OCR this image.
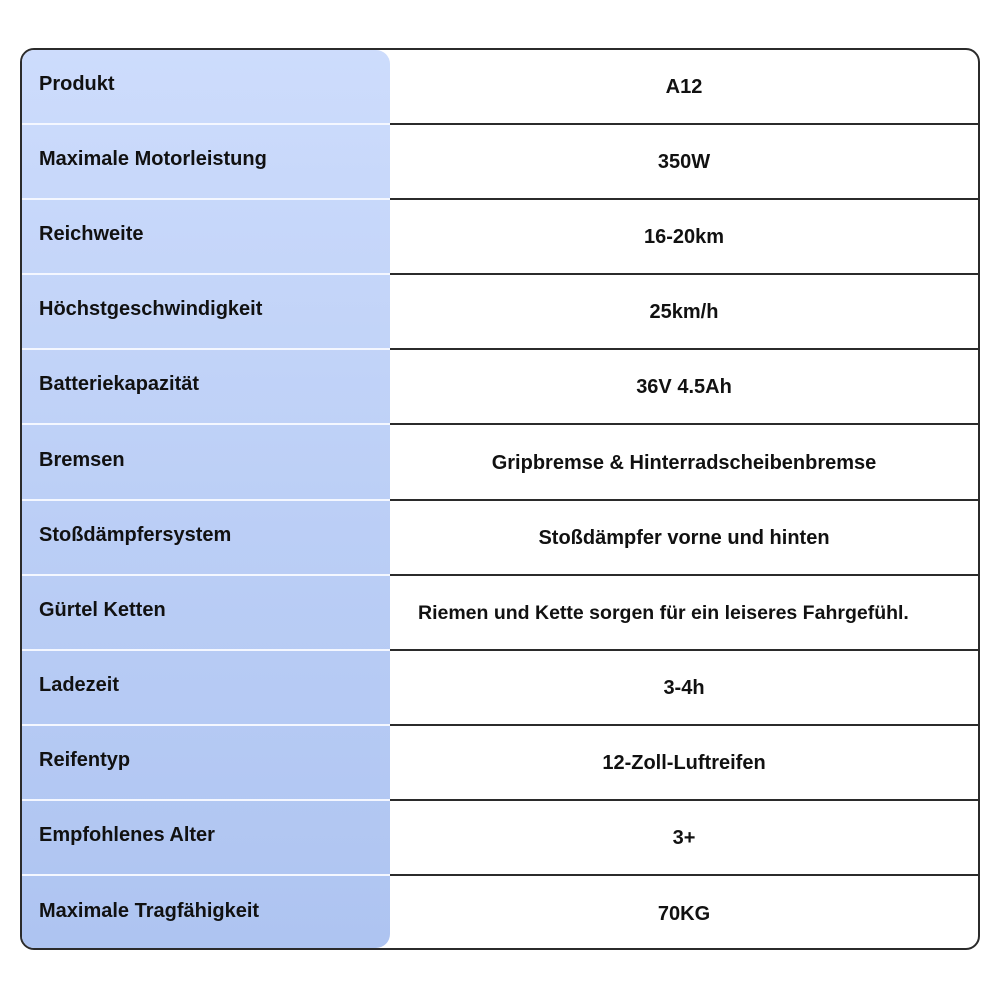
Produkt	A12
Maximale Motorleistung	350W
Reichweite	16-20km
Höchstgeschwindigkeit	25km/h
Batteriekapazität	36V 4.5Ah
Bremsen	Gripbremse & Hinterradscheibenbremse
Stoßdämpfersystem	Stoßdämpfer vorne und hinten
Gürtel Ketten	Riemen und Kette sorgen für ein leiseres Fahrgefühl.
Ladezeit	3-4h
Reifentyp	12-Zoll-Luftreifen
Empfohlenes Alter	3+
Maximale Tragfähigkeit	70KG
